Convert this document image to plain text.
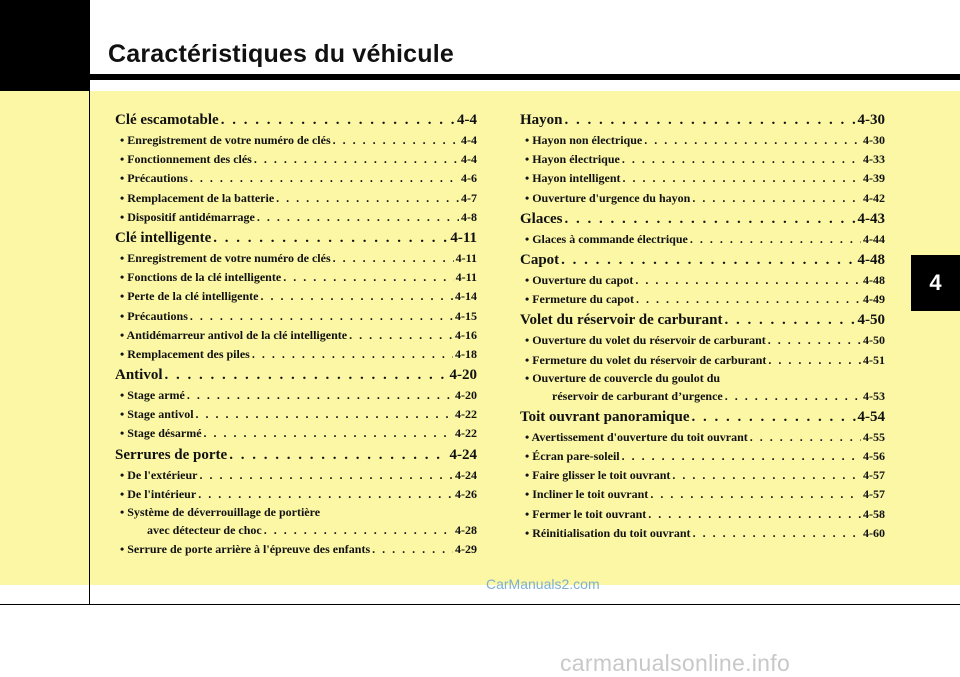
Caractéristiques du véhicule
4
Clé escamotable . . .	4-4
• Enregistrement de votre numéro de clés . . .	4-4
• Fonctionnement des clés . . .	4-4
• Précautions . . .	4-6
• Remplacement de la batterie . . .	4-7
• Dispositif antidémarrage . . .	4-8
Clé intelligente . . .	4-11
• Enregistrement de votre numéro de clés . . .	4-11
• Fonctions de la clé intelligente . . .	4-11
• Perte de la clé intelligente . . .	4-14
• Précautions . . .	4-15
• Antidémarreur antivol de la clé intelligente . . .	4-16
• Remplacement des piles . . .	4-18
Antivol . . .	4-20
• Stage armé . . .	4-20
• Stage antivol . . .	4-22
• Stage désarmé . . .	4-22
Serrures de porte . . .	4-24
• De l'extérieur . . .	4-24
• De l'intérieur . . .	4-26
• Système de déverrouillage de portière
avec détecteur de choc . . .	4-28
• Serrure de porte arrière à l'épreuve des enfants . . .	4-29
Hayon . . .	4-30
• Hayon non électrique . . .	4-30
• Hayon électrique . . .	4-33
• Hayon intelligent . . .	4-39
• Ouverture d'urgence du hayon . . .	4-42
Glaces . . .	4-43
• Glaces à commande électrique . . .	4-44
Capot . . .	4-48
• Ouverture du capot . . .	4-48
• Fermeture du capot . . .	4-49
Volet du réservoir de carburant . . .	4-50
• Ouverture du volet du réservoir de carburant . . .	4-50
• Fermeture du volet du réservoir de carburant . . .	4-51
• Ouverture de couvercle du goulot du
réservoir de carburant d’urgence . . .	4-53
Toit ouvrant panoramique . . .	4-54
• Avertissement d'ouverture du toit ouvrant . . .	4-55
• Écran pare-soleil . . .	4-56
• Faire glisser le toit ouvrant . . .	4-57
• Incliner le toit ouvrant . . .	4-57
• Fermer le toit ouvrant . . .	4-58
• Réinitialisation du toit ouvrant . . .	4-60
CarManuals2.com
carmanualsonline.info
